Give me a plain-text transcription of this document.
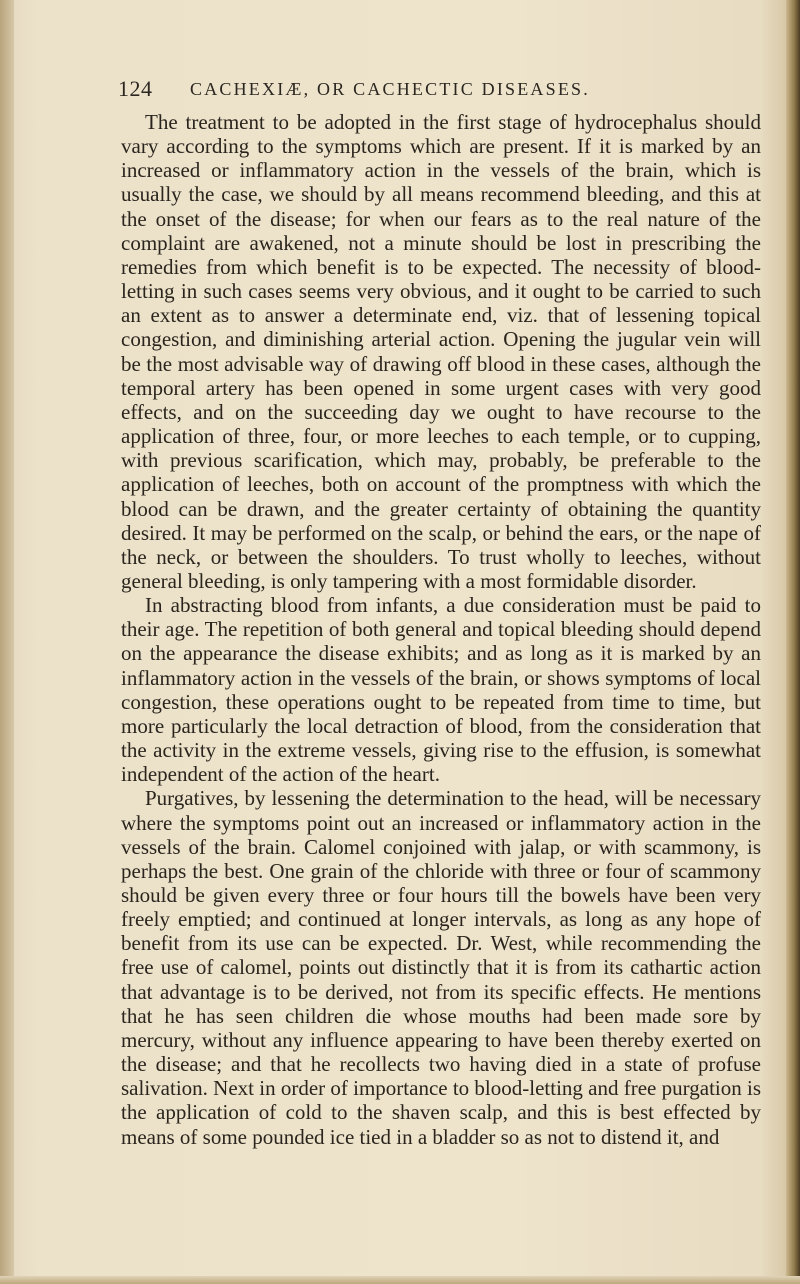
124 CACHEXIÆ, OR CACHECTIC DISEASES.

The treatment to be adopted in the first stage of hydrocephalus should vary according to the symptoms which are present. If it is marked by an increased or inflammatory action in the vessels of the brain, which is usually the case, we should by all means recommend bleeding, and this at the onset of the disease; for when our fears as to the real nature of the complaint are awakened, not a minute should be lost in prescribing the remedies from which benefit is to be expected. The necessity of blood-letting in such cases seems very obvious, and it ought to be carried to such an extent as to answer a determinate end, viz. that of lessening topical congestion, and diminishing arterial action. Opening the jugular vein will be the most advisable way of drawing off blood in these cases, although the temporal artery has been opened in some urgent cases with very good effects, and on the succeeding day we ought to have recourse to the application of three, four, or more leeches to each temple, or to cupping, with previous scarification, which may, probably, be preferable to the application of leeches, both on account of the promptness with which the blood can be drawn, and the greater certainty of obtaining the quantity desired. It may be performed on the scalp, or behind the ears, or the nape of the neck, or between the shoulders. To trust wholly to leeches, without general bleeding, is only tampering with a most formidable disorder.

In abstracting blood from infants, a due consideration must be paid to their age. The repetition of both general and topical bleeding should depend on the appearance the disease exhibits; and as long as it is marked by an inflammatory action in the vessels of the brain, or shows symptoms of local congestion, these operations ought to be repeated from time to time, but more particularly the local detraction of blood, from the consideration that the activity in the extreme vessels, giving rise to the effusion, is somewhat independent of the action of the heart.

Purgatives, by lessening the determination to the head, will be necessary where the symptoms point out an increased or inflammatory action in the vessels of the brain. Calomel conjoined with jalap, or with scammony, is perhaps the best. One grain of the chloride with three or four of scammony should be given every three or four hours till the bowels have been very freely emptied; and continued at longer intervals, as long as any hope of benefit from its use can be expected. Dr. West, while recommending the free use of calomel, points out distinctly that it is from its cathartic action that advantage is to be derived, not from its specific effects. He mentions that he has seen children die whose mouths had been made sore by mercury, without any influence appearing to have been thereby exerted on the disease; and that he recollects two having died in a state of profuse salivation. Next in order of importance to blood-letting and free purgation is the application of cold to the shaven scalp, and this is best effected by means of some pounded ice tied in a bladder so as not to distend it, and
